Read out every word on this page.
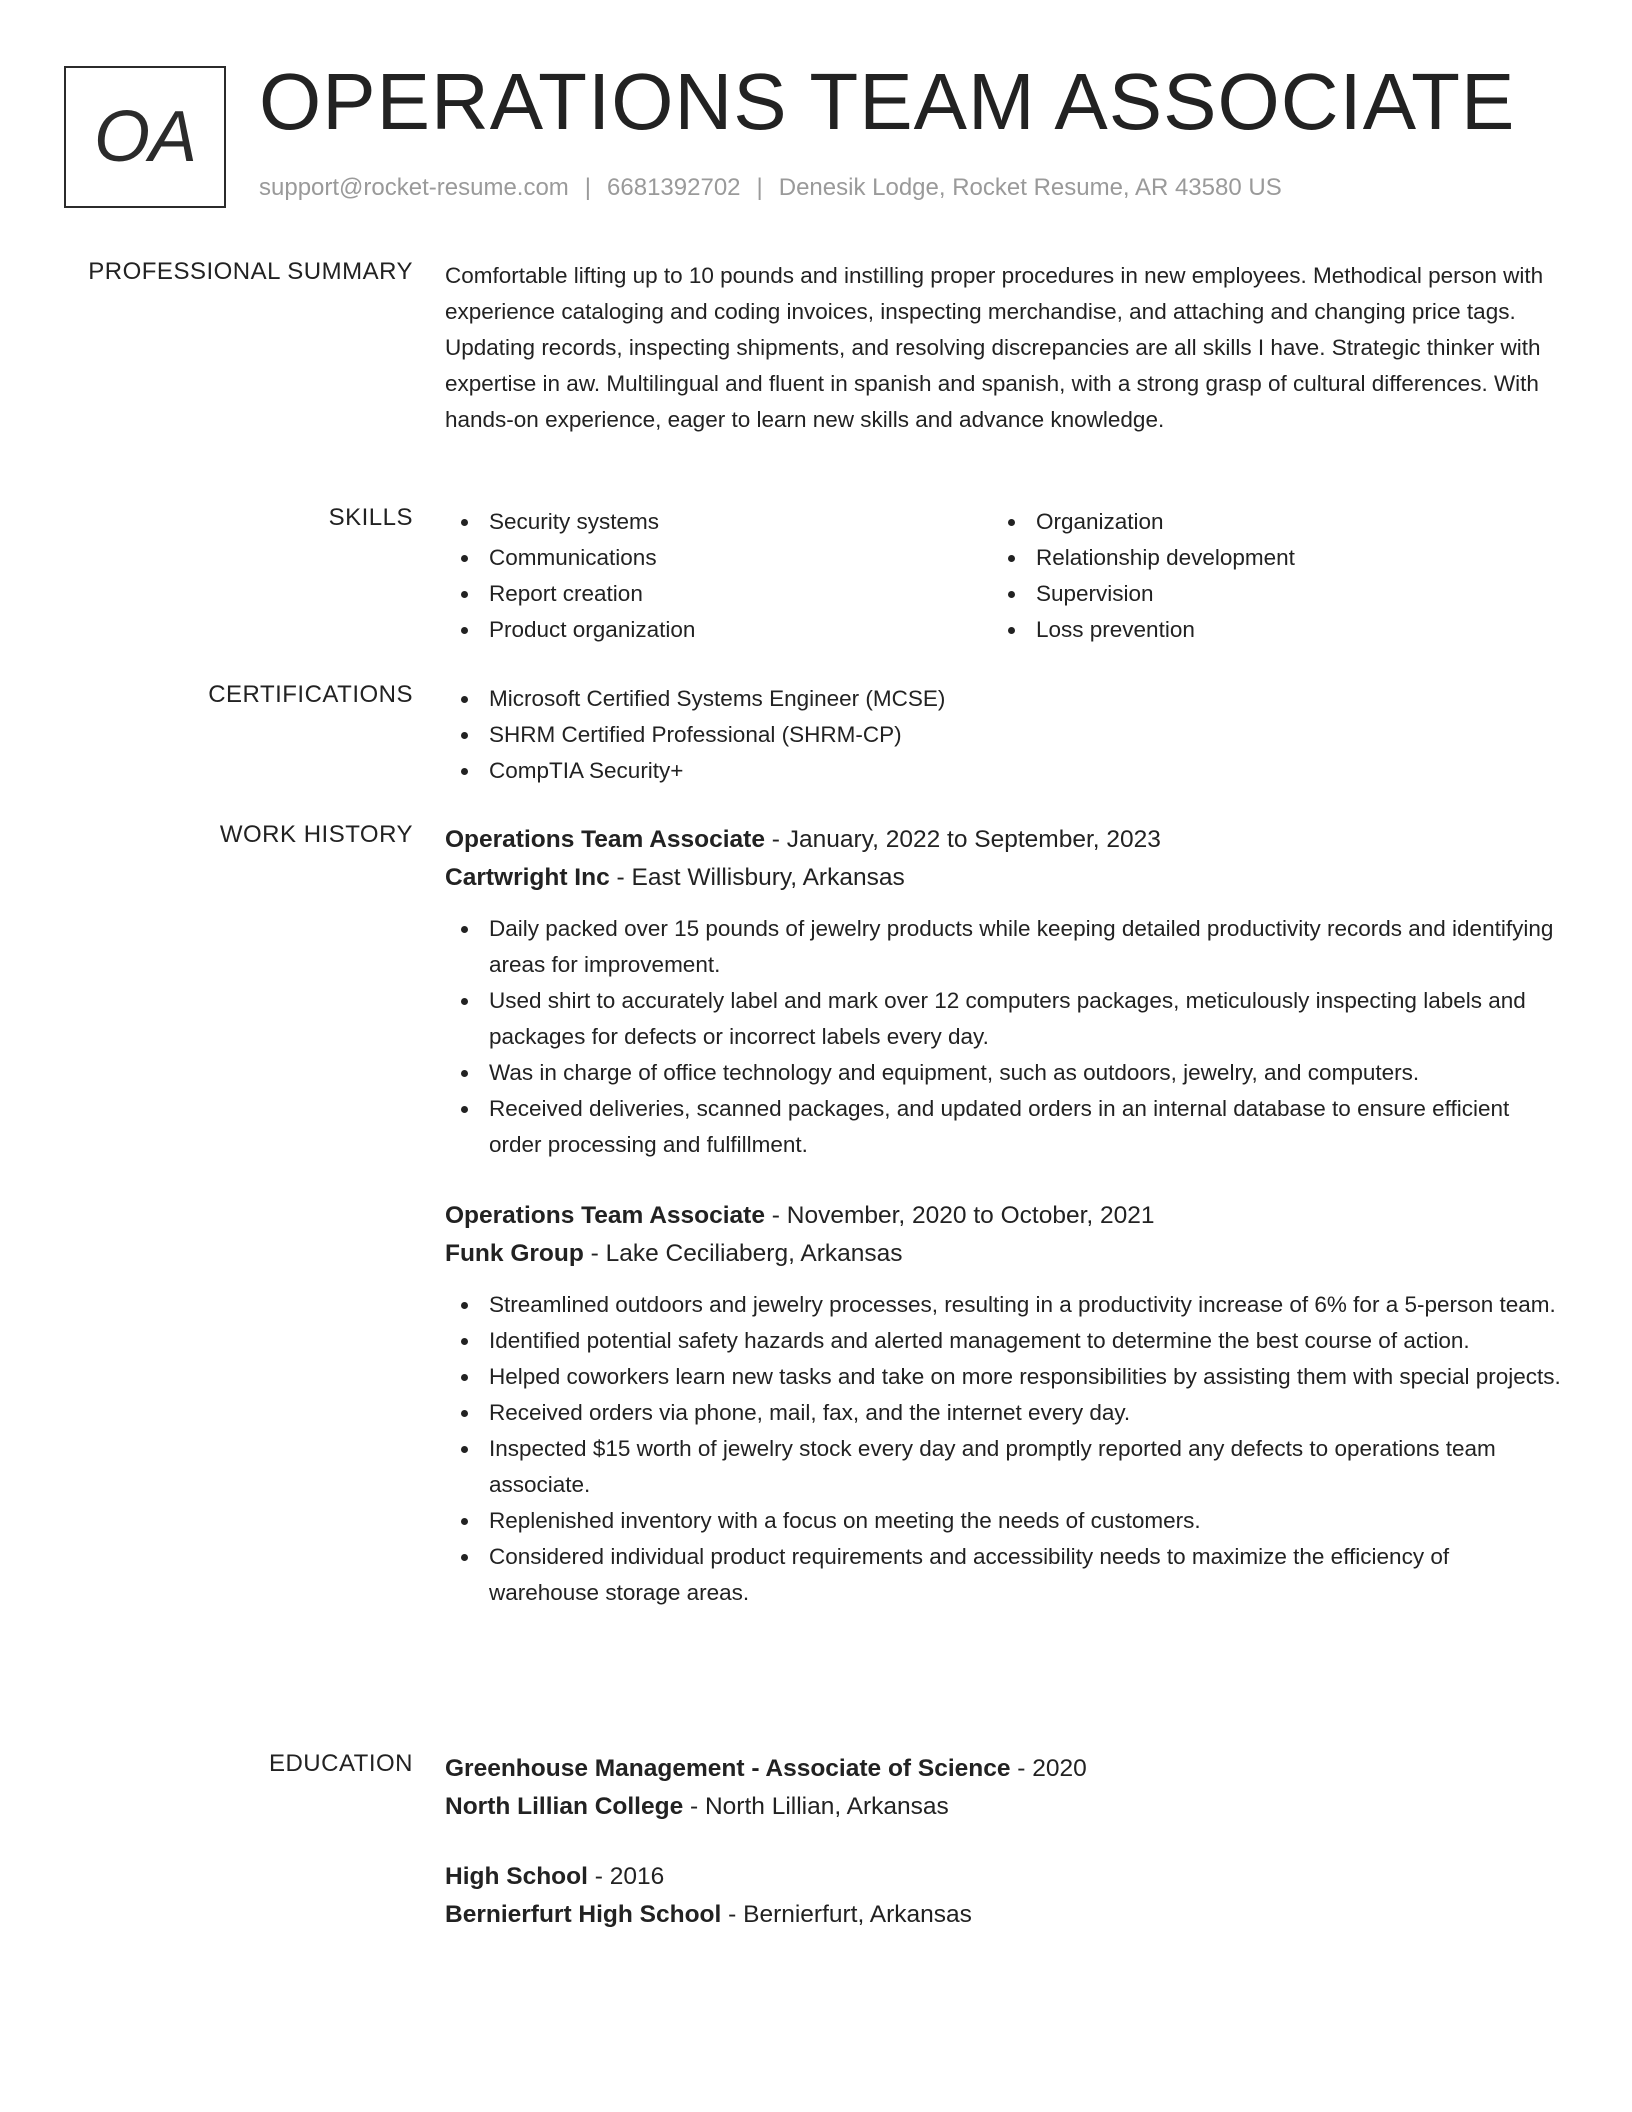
OA OPERATIONS TEAM ASSOCIATE
support@rocket-resume.com | 6681392702 | Denesik Lodge, Rocket Resume, AR 43580 US
PROFESSIONAL SUMMARY Comfortable lifting up to 10 pounds and instilling proper procedures in new employees. Methodical person with experience cataloging and coding invoices, inspecting merchandise, and attaching and changing price tags. Updating records, inspecting shipments, and resolving discrepancies are all skills I have. Strategic thinker with expertise in aw. Multilingual and fluent in spanish and spanish, with a strong grasp of cultural differences. With hands-on experience, eager to learn new skills and advance knowledge.

SKILLS	Security systems
Communications
Report creation
Product organization
Organization
Relationship development
Supervision
Loss prevention
CERTIFICATIONS	Microsoft Certified Systems Engineer (MCSE)
SHRM Certified Professional (SHRM-CP)
CompTIA Security+
WORK HISTORY Operations Team Associate - January, 2022 to September, 2023
Cartwright Inc - East Willisbury, Arkansas
Daily packed over 15 pounds of jewelry products while keeping detailed productivity records and identifying areas for improvement.
Used shirt to accurately label and mark over 12 computers packages, meticulously inspecting labels and packages for defects or incorrect labels every day.
Was in charge of office technology and equipment, such as outdoors, jewelry, and computers.
Received deliveries, scanned packages, and updated orders in an internal database to ensure efficient order processing and fulfillment.
Operations Team Associate - November, 2020 to October, 2021
Funk Group - Lake Ceciliaberg, Arkansas
Streamlined outdoors and jewelry processes, resulting in a productivity increase of 6% for a 5-person team.
Identified potential safety hazards and alerted management to determine the best course of action.
Helped coworkers learn new tasks and take on more responsibilities by assisting them with special projects.
Received orders via phone, mail, fax, and the internet every day.
Inspected $15 worth of jewelry stock every day and promptly reported any defects to operations team associate.
Replenished inventory with a focus on meeting the needs of customers.
Considered individual product requirements and accessibility needs to maximize the efficiency of warehouse storage areas.
EDUCATION Greenhouse Management - Associate of Science - 2020
North Lillian College - North Lillian, Arkansas
High School - 2016
Bernierfurt High School - Bernierfurt, Arkansas
